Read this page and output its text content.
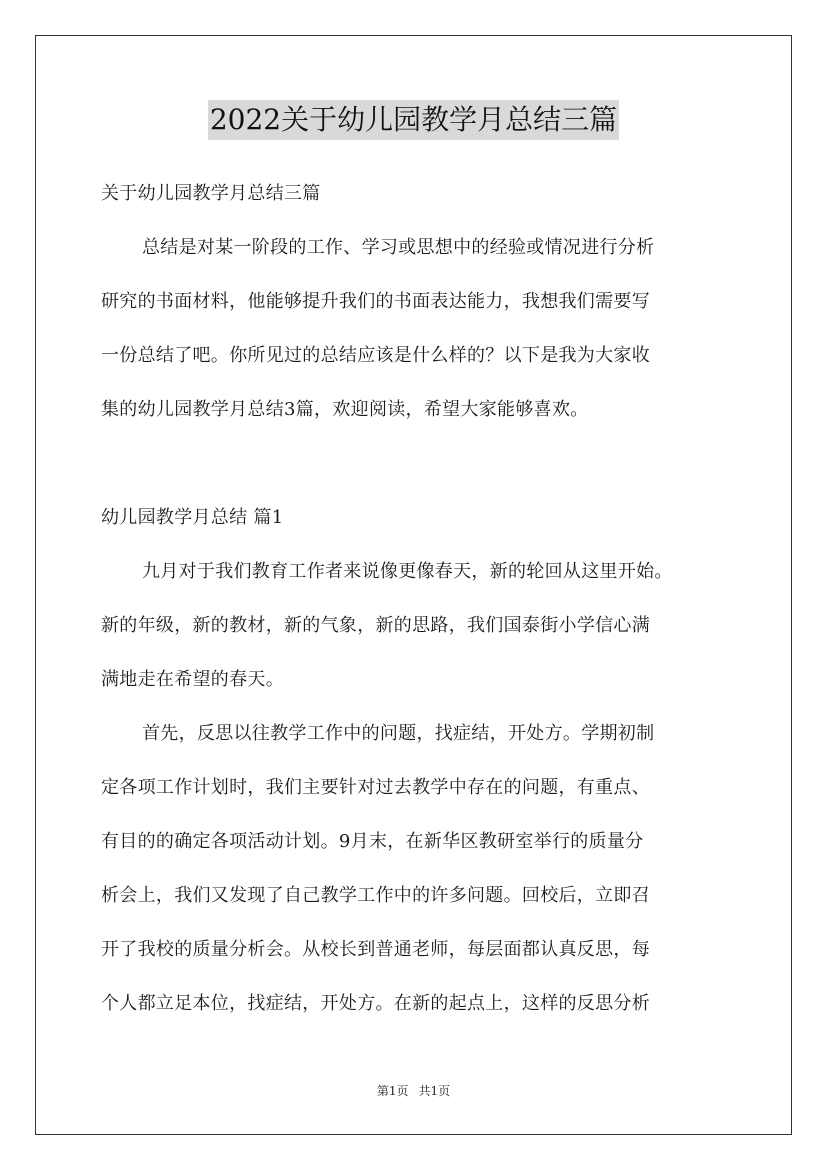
2022关于幼儿园教学月总结三篇
关于幼儿园教学月总结三篇
总结是对某一阶段的工作、学习或思想中的经验或情况进行分析
研究的书面材料，他能够提升我们的书面表达能力，我想我们需要写
一份总结了吧。你所见过的总结应该是什么样的？以下是我为大家收
集的幼儿园教学月总结3篇，欢迎阅读，希望大家能够喜欢。
幼儿园教学月总结 篇1
九月对于我们教育工作者来说像更像春天，新的轮回从这里开始。
新的年级，新的教材，新的气象，新的思路，我们国泰街小学信心满
满地走在希望的春天。
首先，反思以往教学工作中的问题，找症结，开处方。学期初制
定各项工作计划时，我们主要针对过去教学中存在的问题，有重点、
有目的的确定各项活动计划。9月末，在新华区教研室举行的质量分
析会上，我们又发现了自己教学工作中的许多问题。回校后，立即召
开了我校的质量分析会。从校长到普通老师，每层面都认真反思，每
个人都立足本位，找症结，开处方。在新的起点上，这样的反思分析
第1页 共1页
